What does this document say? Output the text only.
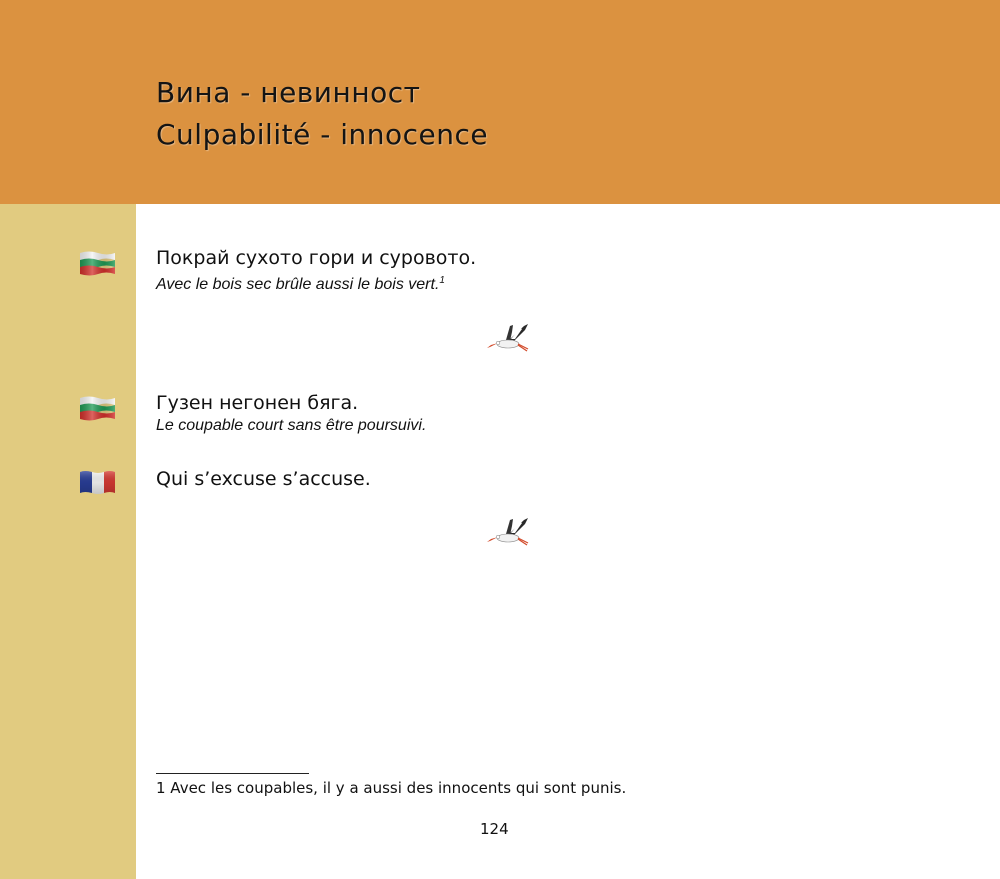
Вина - невинност
Culpabilité - innocence
Покрай сухото гори и суровото.
Avec le bois sec brûle aussi le bois vert.$^1$
Гузен негонен бяга.
Le coupable court sans être poursuivi.
Qui s’excuse s’accuse.
1 Avec les coupables, il y a aussi des innocents qui sont punis.
124
